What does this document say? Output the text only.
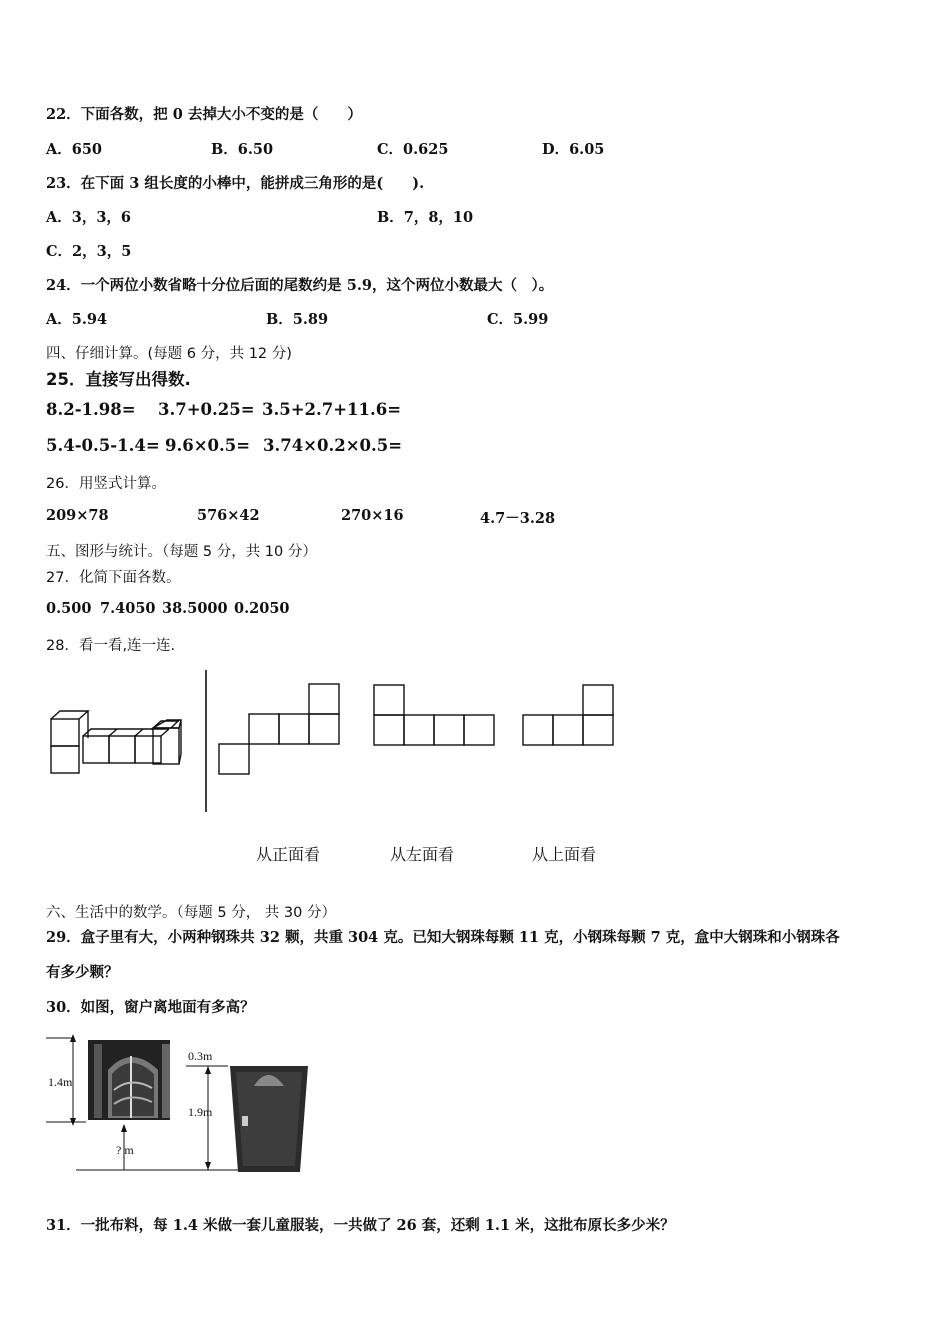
22．下面各数，把 0 去掉大小不变的是（　　）
A．650	B．6.50	C．0.625	D．6.05
23．在下面 3 组长度的小棒中，能拼成三角形的是(　　).
A．3，3，6	B．7，8，10
C．2，3，5
24．一个两位小数省略十分位后面的尾数约是 5.9，这个两位小数最大（　）。
A．5.94	B．5.89	C．5.99
四、仔细计算。(每题 6 分，共 12 分)
25．直接写出得数.
8.2-1.98= 3.7+0.25= 3.5+2.7+11.6=
5.4-0.5-1.4= 9.6×0.5= 3.74×0.2×0.5=
26．用竖式计算。
209×78	576×42	270×16	4.7－3.28
五、图形与统计。（每题 5 分，共 10 分）
27．化简下面各数。
0.500 7.4050 38.5000 0.2050
28．看一看,连一连.
从正面看	从左面看	从上面看
六、生活中的数学。（每题 5 分， 共 30 分）
29．盒子里有大，小两种钢珠共 32 颗，共重 304 克。已知大钢珠每颗 11 克，小钢珠每颗 7 克，盒中大钢珠和小钢珠各
有多少颗？
30．如图，窗户离地面有多高？
1.4m
? m
0.3m
1.9m
31．一批布料，每 1.4 米做一套儿童服装，一共做了 26 套，还剩 1.1 米，这批布原长多少米？
